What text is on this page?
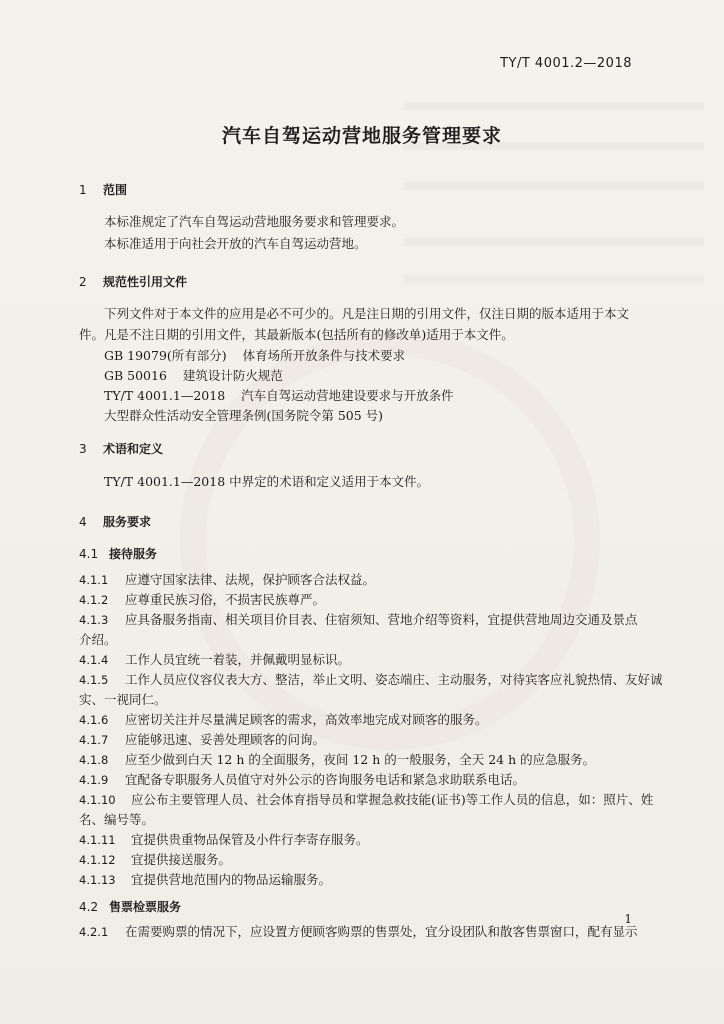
TY/T 4001.2—2018
汽车自驾运动营地服务管理要求
1 范围
本标准规定了汽车自驾运动营地服务要求和管理要求。
本标准适用于向社会开放的汽车自驾运动营地。
2 规范性引用文件
下列文件对于本文件的应用是必不可少的。凡是注日期的引用文件，仅注日期的版本适用于本文
件。凡是不注日期的引用文件，其最新版本(包括所有的修改单)适用于本文件。
GB 19079(所有部分) 体育场所开放条件与技术要求
GB 50016 建筑设计防火规范
TY/T 4001.1—2018 汽车自驾运动营地建设要求与开放条件
大型群众性活动安全管理条例(国务院令第 505 号)
3 术语和定义
TY/T 4001.1—2018 中界定的术语和定义适用于本文件。
4 服务要求
4.1 接待服务
4.1.1 应遵守国家法律、法规，保护顾客合法权益。
4.1.2 应尊重民族习俗，不损害民族尊严。
4.1.3 应具备服务指南、相关项目价目表、住宿须知、营地介绍等资料，宜提供营地周边交通及景点
介绍。
4.1.4 工作人员宜统一着装，并佩戴明显标识。
4.1.5 工作人员应仪容仪表大方、整洁，举止文明、姿态端庄、主动服务，对待宾客应礼貌热情、友好诚
实、一视同仁。
4.1.6 应密切关注并尽量满足顾客的需求，高效率地完成对顾客的服务。
4.1.7 应能够迅速、妥善处理顾客的问询。
4.1.8 应至少做到白天 12 h 的全面服务，夜间 12 h 的一般服务，全天 24 h 的应急服务。
4.1.9 宜配备专职服务人员值守对外公示的咨询服务电话和紧急求助联系电话。
4.1.10 应公布主要管理人员、社会体育指导员和掌握急救技能(证书)等工作人员的信息，如：照片、姓
名、编号等。
4.1.11 宜提供贵重物品保管及小件行李寄存服务。
4.1.12 宜提供接送服务。
4.1.13 宜提供营地范围内的物品运输服务。
4.2 售票检票服务
4.2.1 在需要购票的情况下，应设置方便顾客购票的售票处，宜分设团队和散客售票窗口，配有显示
1
